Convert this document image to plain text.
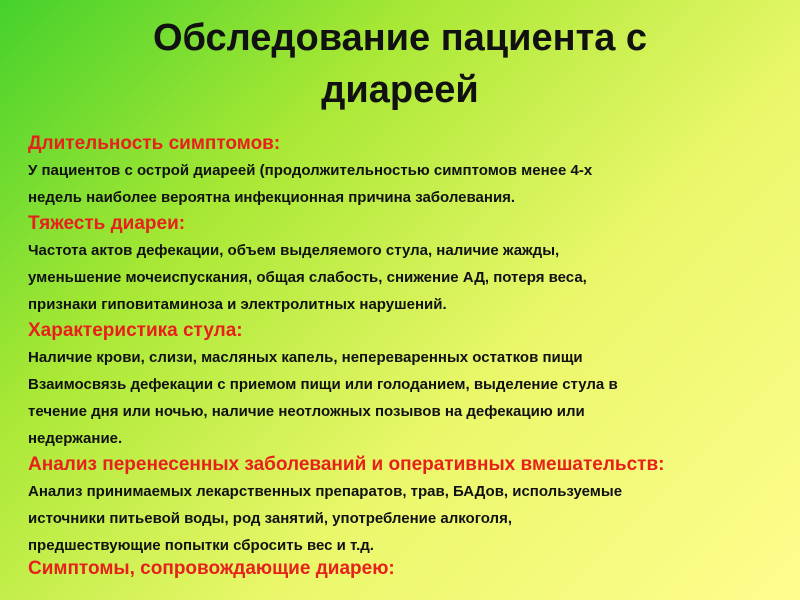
Обследование пациента с
диареей

Длительность симптомов:

У пациентов с острой диареей (продолжительностью симптомов менее 4-х
недель наиболее вероятна инфекционная причина заболевания.

Тяжесть диареи:

Частота актов дефекации, объем выделяемого стула, наличие жажды,
уменьшение мочеиспускания, общая слабость, снижение АД, потеря веса,
признаки гиповитаминоза и электролитных нарушений.

Характеристика стула:

Наличие крови, слизи, масляных капель, непереваренных остатков пищи
Взаимосвязь дефекации с приемом пищи или голоданием, выделение стула в
течение дня или ночью, наличие неотложных позывов на дефекацию или
недержание.

Анализ перенесенных заболеваний и оперативных вмешательств:

Анализ принимаемых лекарственных препаратов, трав, БАДов, используемые
источники питьевой воды, род занятий, употребление алкоголя,
предшествующие попытки сбросить вес и т.д.

Симптомы, сопровождающие диарею:
